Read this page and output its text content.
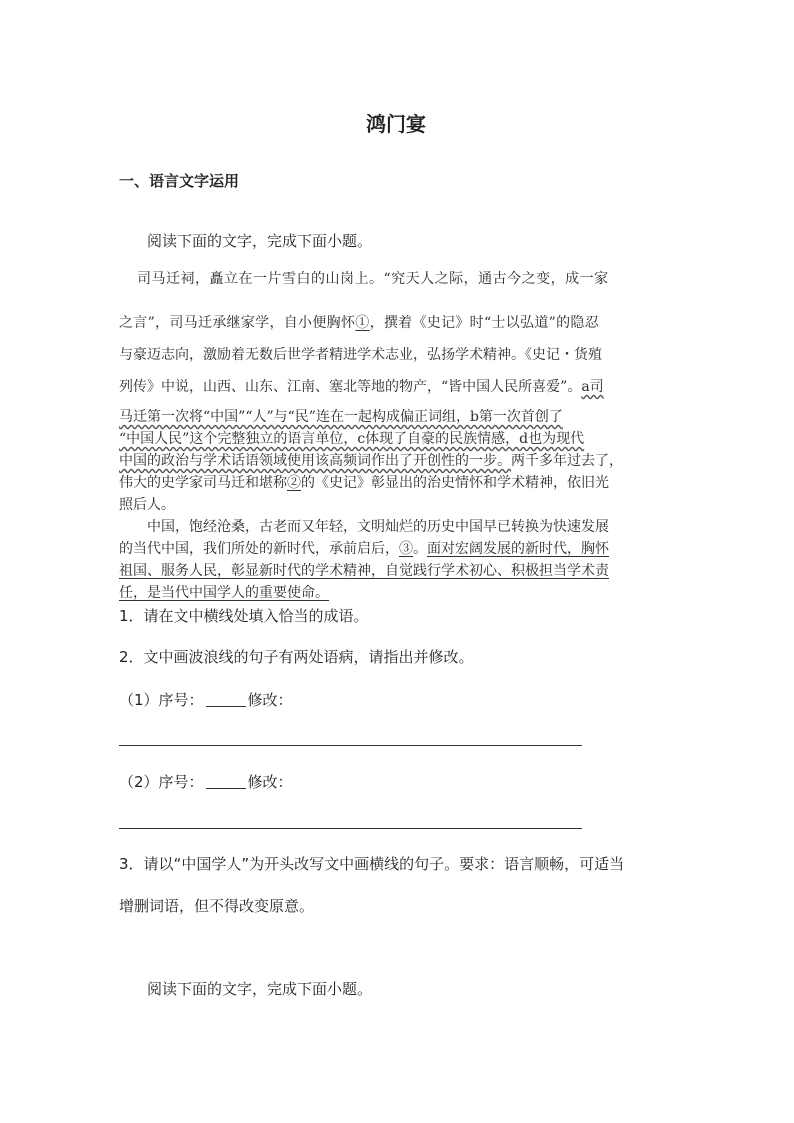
鸿门宴
一、语言文字运用
阅读下面的文字，完成下面小题。
司马迁祠，矗立在一片雪白的山岗上。“究天人之际，通古今之变，成一家
之言”，司马迁承继家学，自小便胸怀①，撰着《史记》时“士以弘道”的隐忍
与豪迈志向，激励着无数后世学者精进学术志业，弘扬学术精神。《史记・货殖
列传》中说，山西、山东、江南、塞北等地的物产，“皆中国人民所喜爱”。a司
马迁第一次将“中国”“人”与“民”连在一起构成偏正词组，b第一次首创了
“中国人民”这个完整独立的语言单位，c体现了自豪的民族情感，d也为现代
中国的政治与学术话语领域使用该高频词作出了开创性的一步。两千多年过去了，
伟大的史学家司马迁和堪称②的《史记》彰显出的治史情怀和学术精神，依旧光
照后人。
中国，饱经沧桑，古老而又年轻，文明灿烂的历史中国早已转换为快速发展
的当代中国，我们所处的新时代，承前启后，③。面对宏阔发展的新时代，胸怀
祖国、服务人民，彰显新时代的学术精神，自觉践行学术初心、积极担当学术责
任，是当代中国学人的重要使命。
1．请在文中横线处填入恰当的成语。
2．文中画波浪线的句子有两处语病，请指出并修改。
（1）序号：	修改：
（2）序号：	修改：
3．请以“中国学人”为开头改写文中画横线的句子。要求：语言顺畅，可适当
增删词语，但不得改变原意。
阅读下面的文字，完成下面小题。
